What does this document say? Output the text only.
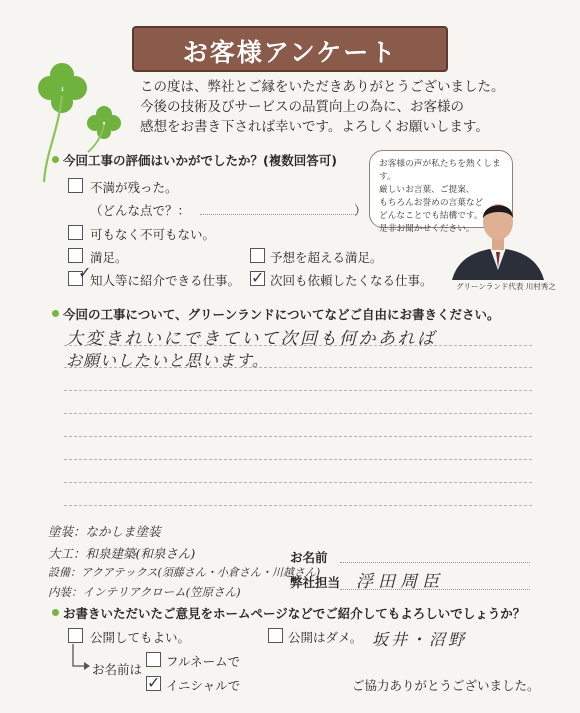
お客様アンケート
この度は、弊社とご縁をいただきありがとうございました。
今後の技術及びサービスの品質向上の為に、お客様の
感想をお書き下されば幸いです。よろしくお願いします。

お客様の声が私たちを熱くします。
厳しいお言葉、ご提案、
もちろんお誉めの言葉など
どんなことでも結構です。
是非お聞かせください。

グリーンランド代表 川村秀之
今回工事の評価はいかがでしたか？(複数回答可)
不満が残った。
（どんな点で？：	）
可もなく不可もない。
満足。	予想を超える満足。
✓
知人等に紹介できる仕事。 ✓ 次回も依頼したくなる仕事。
今回の工事について、グリーンランドについてなどご自由にお書きください。
大変きれいにできていて次回も何かあれば
お願いしたいと思います。
塗装：なかしま塗装
大工：和泉建築(和泉さん)
設備：アクアテックス(須藤さん・小倉さん・川越さん)
内装：インテリアクローム(笠原さん)
お名前
弊社担当 浮田周臣
お書きいただいたご意見をホームページなどでご紹介してもよろしいでしょうか？
公開してもよい。	公開はダメ。 坂井・沼野
お名前は
フルネームで
✓ イニシャルで	ご協力ありがとうございました。
